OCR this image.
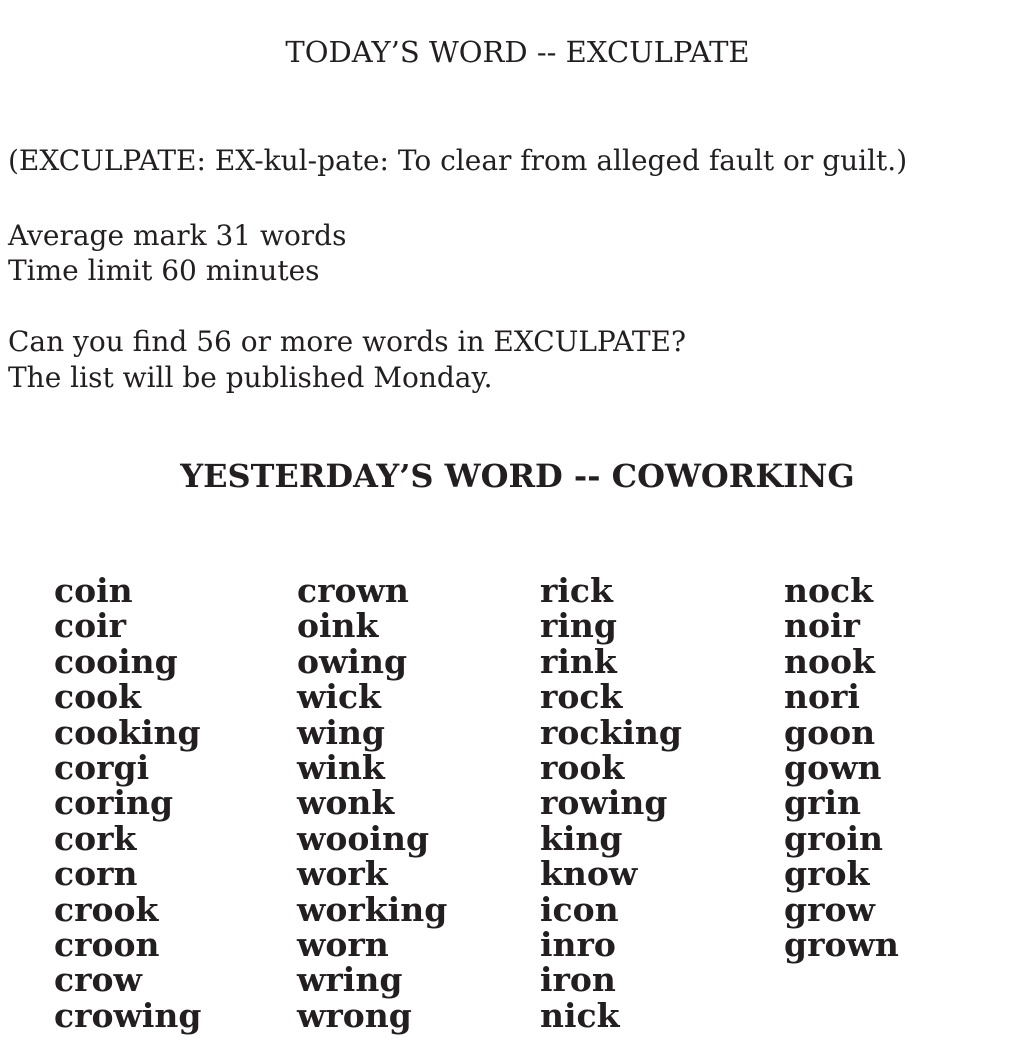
TODAY’S WORD -- EXCULPATE

(EXCULPATE: EX-kul-pate: To clear from alleged fault or guilt.)

Average mark 31 words

Time limit 60 minutes

Can you find 56 or more words in EXCULPATE?

The list will be published Monday.

YESTERDAY’S WORD -- COWORKING
coin
coir
cooing
cook
cooking
corgi
coring
cork
corn
crook
croon
crow
crowing
crown
oink
owing
wick
wing
wink
wonk
wooing
work
working
worn
wring
wrong
rick
ring
rink
rock
rocking
rook
rowing
king
know
icon
inro
iron
nick
nock
noir
nook
nori
goon
gown
grin
groin
grok
grow
grown
